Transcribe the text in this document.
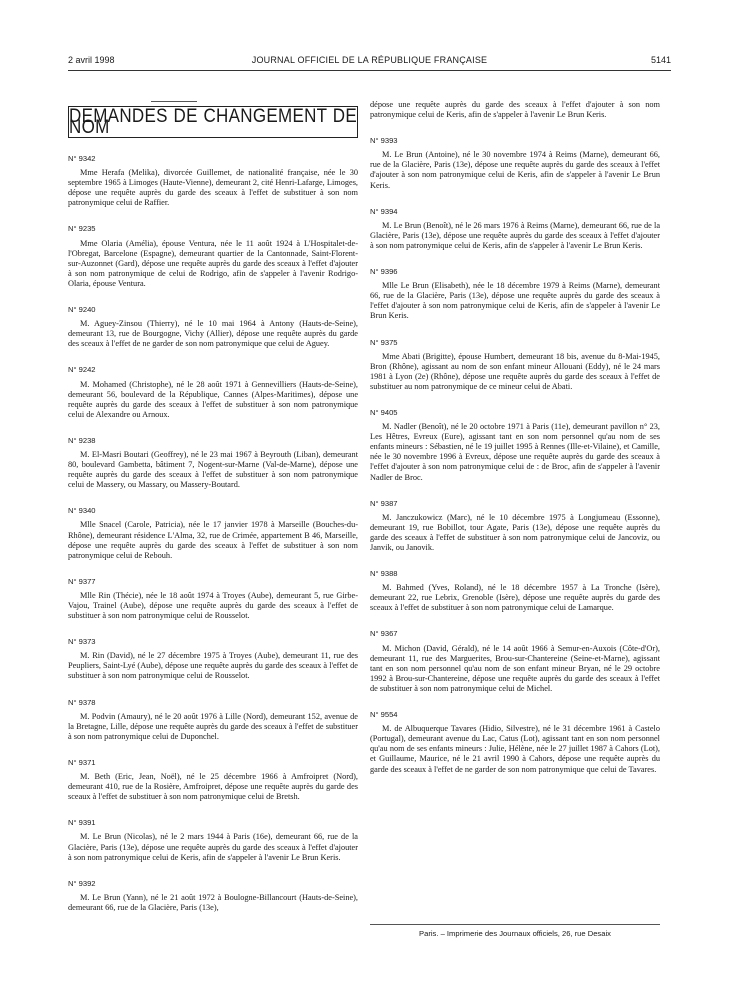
2 avril 1998	JOURNAL OFFICIEL DE LA RÉPUBLIQUE FRANÇAISE	5141
DEMANDES DE CHANGEMENT DE NOM
N° 9342

Mme Herafa (Melika), divorcée Guillemet, de nationalité française, née le 30 septembre 1965 à Limoges (Haute-Vienne), demeurant 2, cité Henri-Lafarge, Limoges, dépose une requête auprès du garde des sceaux à l'effet de substituer à son nom patronymique celui de Raffier.

N° 9235

Mme Olaria (Amélia), épouse Ventura, née le 11 août 1924 à L'Hospitalet-de-l'Obregat, Barcelone (Espagne), demeurant quartier de la Cantonnade, Saint-Florent-sur-Auzonnet (Gard), dépose une requête auprès du garde des sceaux à l'effet d'ajouter à son nom patronymique de celui de Rodrigo, afin de s'appeler à l'avenir Rodrigo-Olaria, épouse Ventura.

N° 9240

M. Aguey-Zinsou (Thierry), né le 10 mai 1964 à Antony (Hauts-de-Seine), demeurant 13, rue de Bourgogne, Vichy (Allier), dépose une requête auprès du garde des sceaux à l'effet de ne garder de son nom patronymique que celui de Aguey.

N° 9242

M. Mohamed (Christophe), né le 28 août 1971 à Gennevilliers (Hauts-de-Seine), demeurant 56, boulevard de la République, Cannes (Alpes-Maritimes), dépose une requête auprès du garde des sceaux à l'effet de substituer à son nom patronymique celui de Alexandre ou Arnoux.

N° 9238

M. El-Masri Boutari (Geoffrey), né le 23 mai 1967 à Beyrouth (Liban), demeurant 80, boulevard Gambetta, bâtiment 7, Nogent-sur-Marne (Val-de-Marne), dépose une requête auprès du garde des sceaux à l'effet de substituer à son nom patronymique celui de Massery, ou Massary, ou Massery-Boutard.

N° 9340

Mlle Snacel (Carole, Patricia), née le 17 janvier 1978 à Marseille (Bouches-du-Rhône), demeurant résidence L'Alma, 32, rue de Crimée, appartement B 46, Marseille, dépose une requête auprès du garde des sceaux à l'effet de substituer à son nom patronymique celui de Rebouh.

N° 9377

Mlle Rin (Thécie), née le 18 août 1974 à Troyes (Aube), demeurant 5, rue Girbe-Vajou, Trainel (Aube), dépose une requête auprès du garde des sceaux à l'effet de substituer à son nom patronymique celui de Rousselot.

N° 9373

M. Rin (David), né le 27 décembre 1975 à Troyes (Aube), demeurant 11, rue des Peupliers, Saint-Lyé (Aube), dépose une requête auprès du garde des sceaux à l'effet de substituer à son nom patronymique celui de Rousselot.

N° 9378

M. Podvin (Amaury), né le 20 août 1976 à Lille (Nord), demeurant 152, avenue de la Bretagne, Lille, dépose une requête auprès du garde des sceaux à l'effet de substituer à son nom patronymique celui de Duponchel.

N° 9371

M. Beth (Eric, Jean, Noël), né le 25 décembre 1966 à Amfroipret (Nord), demeurant 410, rue de la Rosière, Amfroipret, dépose une requête auprès du garde des sceaux à l'effet de substituer à son nom patronymique celui de Bretsh.

N° 9391

M. Le Brun (Nicolas), né le 2 mars 1944 à Paris (16e), demeurant 66, rue de la Glacière, Paris (13e), dépose une requête auprès du garde des sceaux à l'effet d'ajouter à son nom patronymique celui de Keris, afin de s'appeler à l'avenir Le Brun Keris.

N° 9392

M. Le Brun (Yann), né le 21 août 1972 à Boulogne-Billancourt (Hauts-de-Seine), demeurant 66, rue de la Glacière, Paris (13e),

dépose une requête auprès du garde des sceaux à l'effet d'ajouter à son nom patronymique celui de Keris, afin de s'appeler à l'avenir Le Brun Keris.

N° 9393

M. Le Brun (Antoine), né le 30 novembre 1974 à Reims (Marne), demeurant 66, rue de la Glacière, Paris (13e), dépose une requête auprès du garde des sceaux à l'effet d'ajouter à son nom patronymique celui de Keris, afin de s'appeler à l'avenir Le Brun Keris.

N° 9394

M. Le Brun (Benoît), né le 26 mars 1976 à Reims (Marne), demeurant 66, rue de la Glacière, Paris (13e), dépose une requête auprès du garde des sceaux à l'effet d'ajouter à son nom patronymique celui de Keris, afin de s'appeler à l'avenir Le Brun Keris.

N° 9396

Mlle Le Brun (Elisabeth), née le 18 décembre 1979 à Reims (Marne), demeurant 66, rue de la Glacière, Paris (13e), dépose une requête auprès du garde des sceaux à l'effet d'ajouter à son nom patronymique celui de Keris, afin de s'appeler à l'avenir Le Brun Keris.

N° 9375

Mme Abati (Brigitte), épouse Humbert, demeurant 18 bis, avenue du 8-Mai-1945, Bron (Rhône), agissant au nom de son enfant mineur Allouani (Eddy), né le 24 mars 1981 à Lyon (2e) (Rhône), dépose une requête auprès du garde des sceaux à l'effet de substituer au nom patronymique de ce mineur celui de Abati.

N° 9405

M. Nadler (Benoît), né le 20 octobre 1971 à Paris (11e), demeurant pavillon n° 23, Les Hêtres, Evreux (Eure), agissant tant en son nom personnel qu'au nom de ses enfants mineurs : Sébastien, né le 19 juillet 1995 à Rennes (Ille-et-Vilaine), et Camille, née le 30 novembre 1996 à Evreux, dépose une requête auprès du garde des sceaux à l'effet d'ajouter à son nom patronymique celui de : de Broc, afin de s'appeler à l'avenir Nadler de Broc.

N° 9387

M. Janczukowicz (Marc), né le 10 décembre 1975 à Longjumeau (Essonne), demeurant 19, rue Bobillot, tour Agate, Paris (13e), dépose une requête auprès du garde des sceaux à l'effet de substituer à son nom patronymique celui de Jancoviz, ou Janvik, ou Janovik.

N° 9388

M. Bahmed (Yves, Roland), né le 18 décembre 1957 à La Tronche (Isère), demeurant 22, rue Lebrix, Grenoble (Isère), dépose une requête auprès du garde des sceaux à l'effet de substituer à son nom patronymique celui de Lamarque.

N° 9367

M. Michon (David, Gérald), né le 14 août 1966 à Semur-en-Auxois (Côte-d'Or), demeurant 11, rue des Marguerites, Brou-sur-Chantereine (Seine-et-Marne), agissant tant en son nom personnel qu'au nom de son enfant mineur Bryan, né le 29 octobre 1992 à Brou-sur-Chantereine, dépose une requête auprès du garde des sceaux à l'effet de substituer à son nom patronymique celui de Michel.

N° 9554

M. de Albuquerque Tavares (Hidio, Silvestre), né le 31 décembre 1961 à Castelo (Portugal), demeurant avenue du Lac, Catus (Lot), agissant tant en son nom personnel qu'au nom de ses enfants mineurs : Julie, Hélène, née le 27 juillet 1987 à Cahors (Lot), et Guillaume, Maurice, né le 21 avril 1990 à Cahors, dépose une requête auprès du garde des sceaux à l'effet de ne garder de son nom patronymique que celui de Tavares.

Paris. – Imprimerie des Journaux officiels, 26, rue Desaix
